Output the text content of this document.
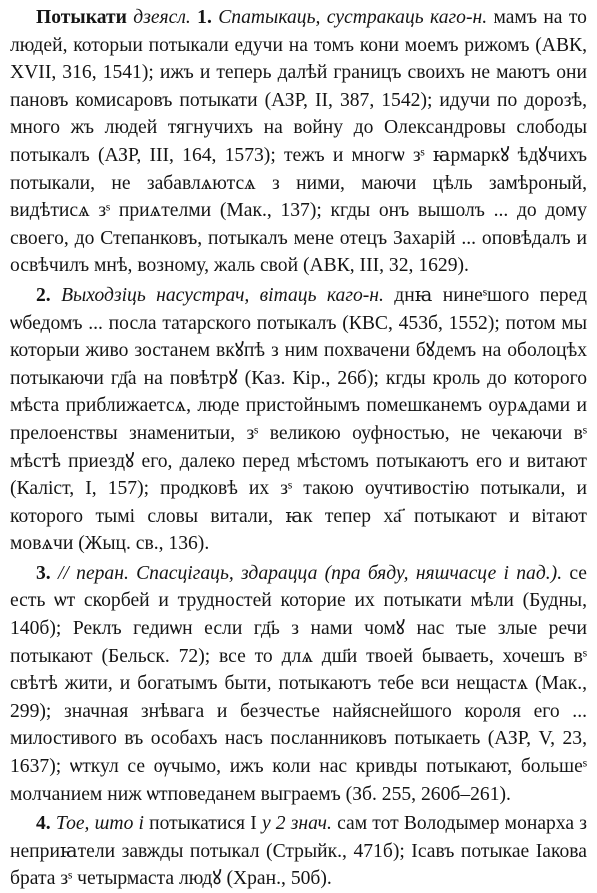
Потыкати дзеясл. 1. Спатыкаць, сустракаць каго-н. мамъ на то людей, которыи потыкали едучи на томъ кони моемъ рижомъ (АВК, XVII, 316, 1541); ижъ и теперь далѣй границъ своихъ не маютъ они пановъ комисаровъ потыкати (АЗР, II, 387, 1542); идучи по дорозѣ, много жъ людей тягнучихъ на войну до Олександровы слободы потыкалъ (АЗР, III, 164, 1573); тежъ и многѡ зˢ ꙗрмаркꙋ ѣдꙋчихъ потыкали, не забавлѧютсѧ з ними, маючи цѣль замѣроный, видѣтисѧ зˢ приѧтелми (Мак., 137); кгды онъ вышолъ ... до дому своего, до Степанковъ, потыкалъ мене отецъ Захарій ... оповѣдалъ и освѣчилъ мнѣ, возному, жаль свой (АВК, III, 32, 1629).

2. Выходзіць насустрач, вітаць каго-н. днꙗ нинеˢшого перед ѡбедомъ ... посла татарского потыкалъ (КВС, 453б, 1552); потом мы которыи живо зостанем вкꙋпѣ з ним похвачени бꙋдемъ на оболоцѣх потыкаючи гд҃а на повѣтрꙋ (Каз. Кір., 26б); кгды кроль до которого мѣста приближаетсѧ, люде пристойнымъ помешканемъ оурѧдами и прелоенствы знаменитыи, зˢ великою оуфностью, не чекаючи вˢ мѣстѣ приездꙋ его, далеко перед мѣстомъ потыкаютъ его и витают (Каліст, I, 157); продковѣ их зˢ такою оучтивостію потыкали, и которого тымі словы витали, ꙗк тепер ха҃ потыкают и вітают мовѧчи (Жыц. св., 136).

3. // перан. Спасцігаць, здарацца (пра бяду, няшчасце і пад.). се есть ѡт скорбей и трудностей которие их потыкати мѣли (Будны, 140б); Реклъ гедиѡн если гд҃ь з нами чомꙋ нас тые злые речи потыкают (Бельск. 72); все то длѧ дш҃и твоей бываеть, хочешъ вˢ свѣтѣ жити, и богатымъ быти, потыкаютъ тебе вси нещастѧ (Мак., 299); значная знѣвага и безчестье найяснейшого короля его ... милостивого въ особахъ насъ посланниковъ потыкаеть (АЗР, V, 23, 1637); ѡткул се ѹчымо, ижъ коли нас кривды потыкают, большеˢ молчанием ниж ѡтповеданем выграемъ (Зб. 255, 260б–261).

4. Тое, што і потыкатися I у 2 знач. сам тот Володымер монарха з неприꙗтели завжды потыкал (Стрыйк., 471б); Ісавъ потыкае Іакова брата зˢ четырмаста людꙋ (Хран., 50б).
